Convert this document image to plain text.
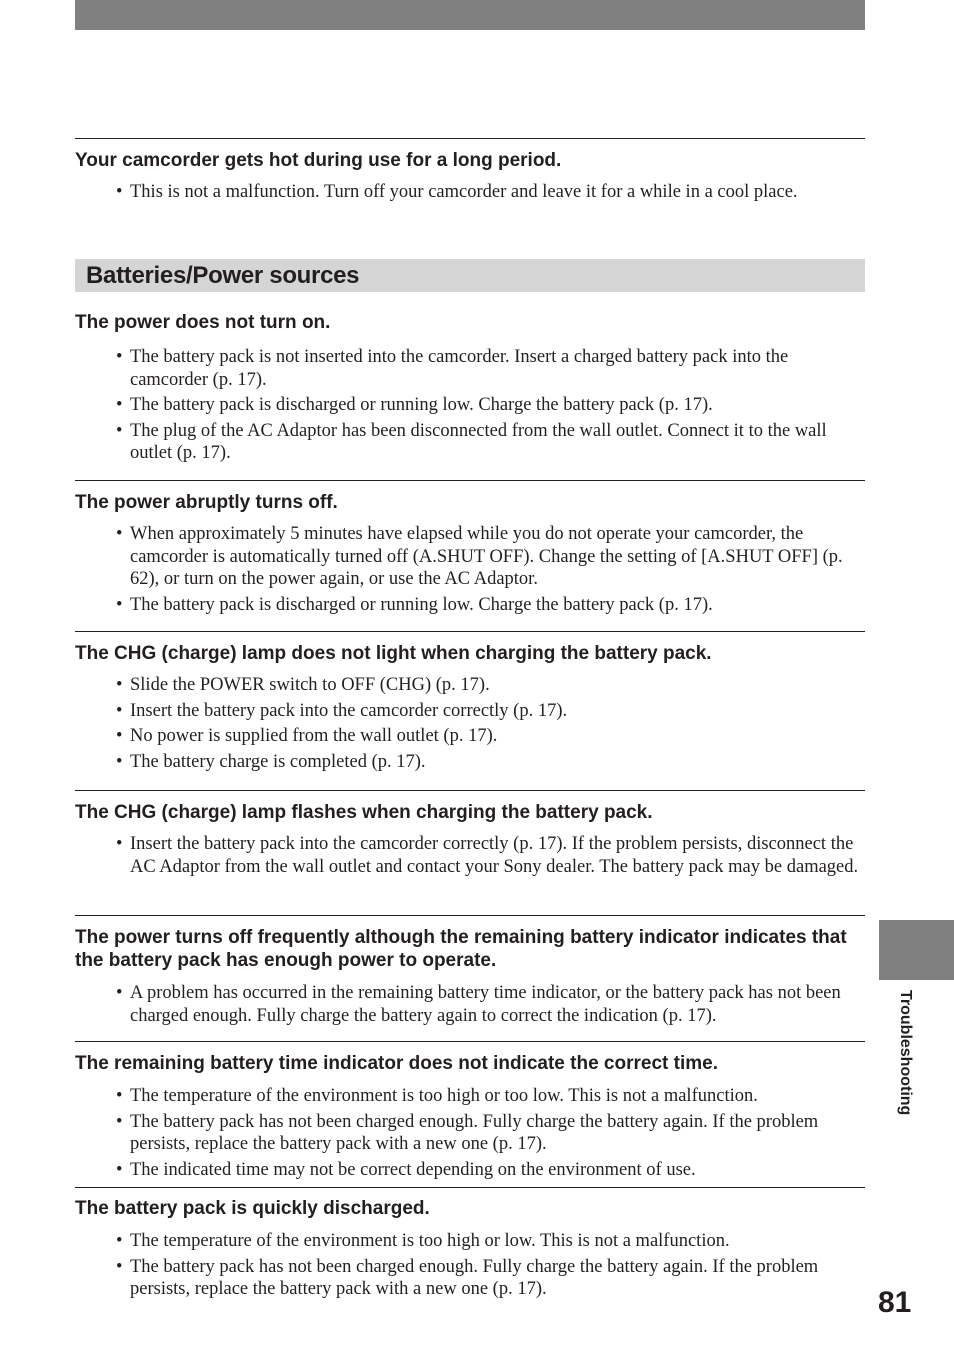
Your camcorder gets hot during use for a long period.
• This is not a malfunction. Turn off your camcorder and leave it for a while in a cool place.
Batteries/Power sources
The power does not turn on.
• The battery pack is not inserted into the camcorder. Insert a charged battery pack into the camcorder (p. 17).
• The battery pack is discharged or running low. Charge the battery pack (p. 17).
• The plug of the AC Adaptor has been disconnected from the wall outlet. Connect it to the wall outlet (p. 17).
The power abruptly turns off.
• When approximately 5 minutes have elapsed while you do not operate your camcorder, the camcorder is automatically turned off (A.SHUT OFF). Change the setting of [A.SHUT OFF] (p. 62), or turn on the power again, or use the AC Adaptor.
• The battery pack is discharged or running low. Charge the battery pack (p. 17).
The CHG (charge) lamp does not light when charging the battery pack.
• Slide the POWER switch to OFF (CHG) (p. 17).
• Insert the battery pack into the camcorder correctly (p. 17).
• No power is supplied from the wall outlet (p. 17).
• The battery charge is completed (p. 17).
The CHG (charge) lamp flashes when charging the battery pack.
• Insert the battery pack into the camcorder correctly (p. 17). If the problem persists, disconnect the AC Adaptor from the wall outlet and contact your Sony dealer. The battery pack may be damaged.
The power turns off frequently although the remaining battery indicator indicates that the battery pack has enough power to operate.
• A problem has occurred in the remaining battery time indicator, or the battery pack has not been charged enough. Fully charge the battery again to correct the indication (p. 17).
The remaining battery time indicator does not indicate the correct time.
• The temperature of the environment is too high or too low. This is not a malfunction.
• The battery pack has not been charged enough. Fully charge the battery again. If the problem persists, replace the battery pack with a new one (p. 17).
• The indicated time may not be correct depending on the environment of use.
The battery pack is quickly discharged.
• The temperature of the environment is too high or low. This is not a malfunction.
• The battery pack has not been charged enough. Fully charge the battery again. If the problem persists, replace the battery pack with a new one (p. 17).

Troubleshooting

81
